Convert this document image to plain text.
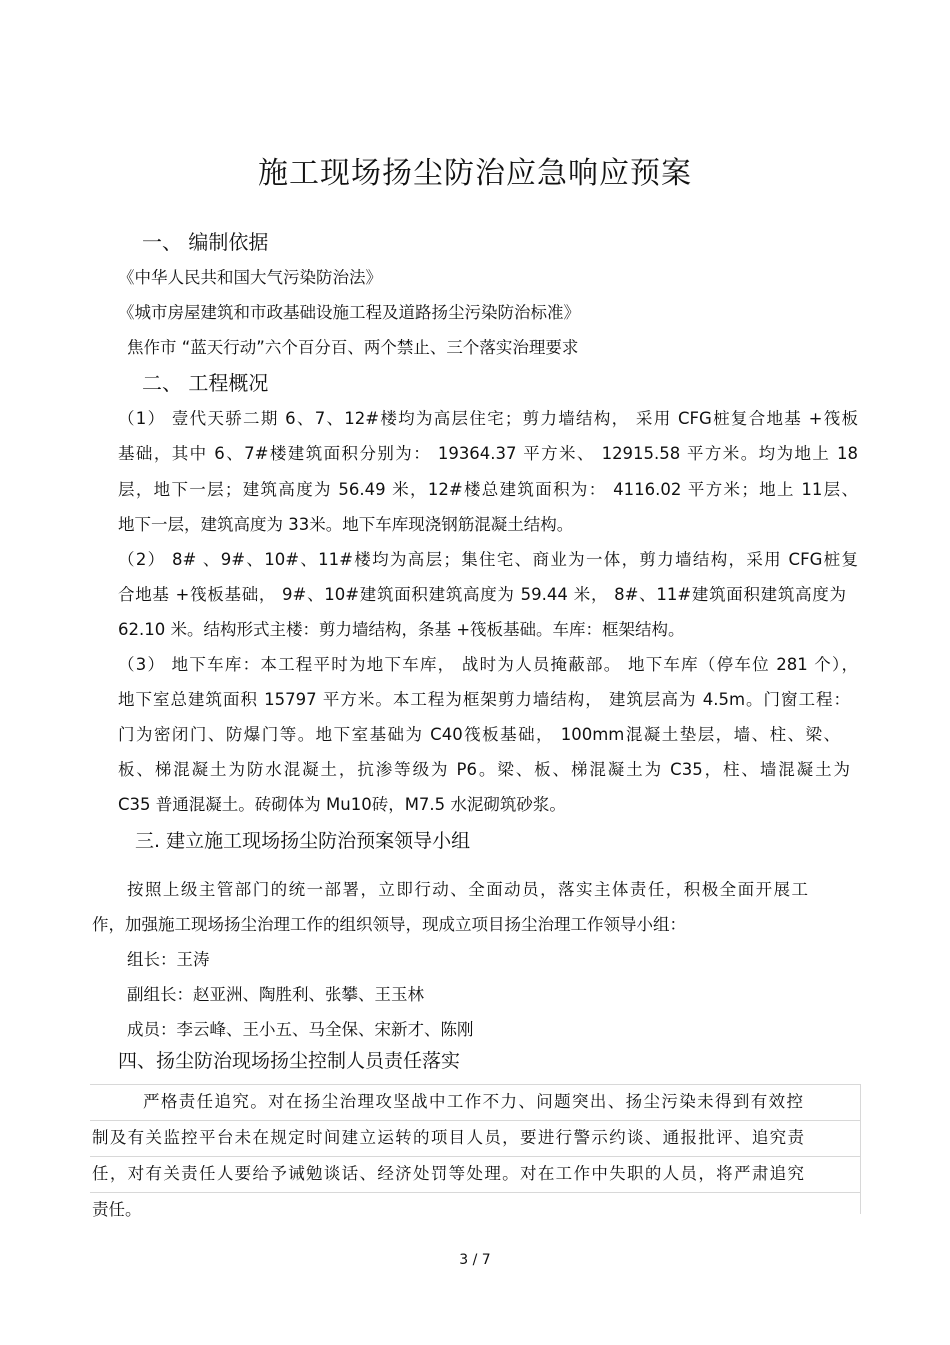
施工现场扬尘防治应急响应预案
一、 编制依据
《中华人民共和国大气污染防治法》
《城市房屋建筑和市政基础设施工程及道路扬尘污染防治标准》
焦作市 “蓝天行动”六个百分百、两个禁止、三个落实治理要求
二、 工程概况
（1） 壹代天骄二期 6、7、12#楼均为高层住宅；剪力墙结构， 采用 CFG桩复合地基 +筏板
基础，其中 6、7#楼建筑面积分别为： 19364.37 平方米、 12915.58 平方米。均为地上 18
层，地下一层；建筑高度为 56.49 米，12#楼总建筑面积为： 4116.02 平方米；地上 11层、
地下一层，建筑高度为 33米。地下车库现浇钢筋混凝土结构。
（2） 8# 、9#、10#、11#楼均为高层；集住宅、商业为一体，剪力墙结构，采用 CFG桩复
合地基 +筏板基础， 9#、10#建筑面积建筑高度为 59.44 米， 8#、11#建筑面积建筑高度为
62.10 米。结构形式主楼：剪力墙结构，条基 +筏板基础。车库：框架结构。
（3） 地下车库：本工程平时为地下车库， 战时为人员掩蔽部。 地下车库（停车位 281 个），
地下室总建筑面积 15797 平方米。本工程为框架剪力墙结构， 建筑层高为 4.5m。门窗工程：
门为密闭门、防爆门等。地下室基础为 C40筏板基础， 100mm混凝土垫层，墙、柱、梁、
板、梯混凝土为防水混凝土，抗渗等级为 P6。梁、板、梯混凝土为 C35，柱、墙混凝土为
C35 普通混凝土。砖砌体为 Mu10砖，M7.5 水泥砌筑砂浆。
三. 建立施工现场扬尘防治预案领导小组
按照上级主管部门的统一部署，立即行动、全面动员，落实主体责任，积极全面开展工
作，加强施工现场扬尘治理工作的组织领导，现成立项目扬尘治理工作领导小组：
组长：王涛
副组长：赵亚洲、陶胜利、张攀、王玉林
成员：李云峰、王小五、马全保、宋新才、陈刚
四、扬尘防治现场扬尘控制人员责任落实
严格责任追究。对在扬尘治理攻坚战中工作不力、问题突出、扬尘污染未得到有效控
制及有关监控平台未在规定时间建立运转的项目人员，要进行警示约谈、通报批评、追究责
任，对有关责任人要给予诫勉谈话、经济处罚等处理。对在工作中失职的人员，将严肃追究
责任。
3 / 7
